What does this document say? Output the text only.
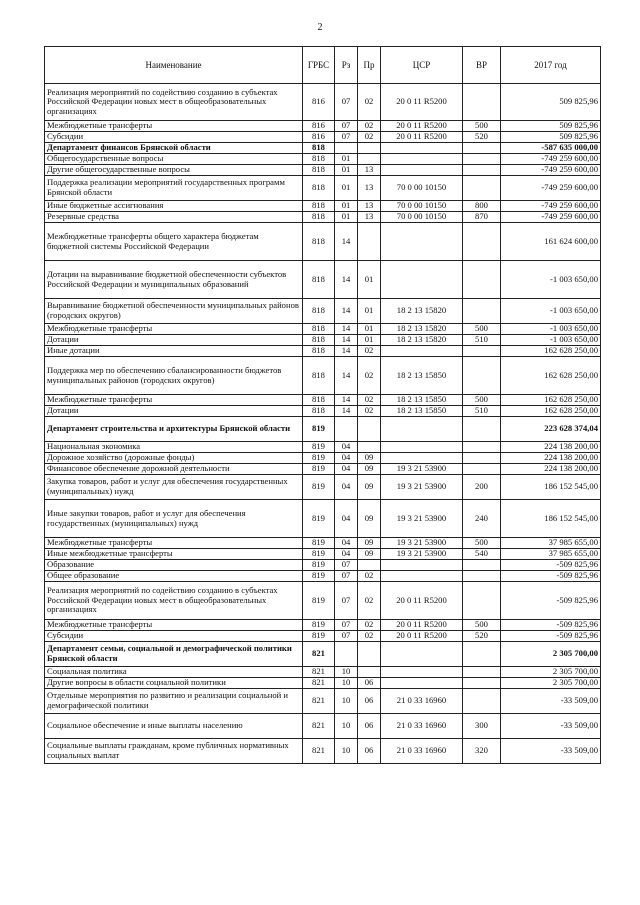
2
Наименование	ГРБС	Рз	Пр	ЦСР	ВР	2017 год
Реализация мероприятий по содействию созданию в субъектах Российской Федерации новых мест в общеобразовательных организациях	816	07	02	20 0 11 R5200		509 825,96
Межбюджетные трансферты	816	07	02	20 0 11 R5200	500	509 825,96
Субсидии	816	07	02	20 0 11 R5200	520	509 825,96
Департамент финансов Брянской области	818					-587 635 000,00
Общегосударственные вопросы	818	01				-749 259 600,00
Другие общегосударственные вопросы	818	01	13			-749 259 600,00
Поддержка реализации мероприятий государственных программ Брянской области	818	01	13	70 0 00 10150		-749 259 600,00
Иные бюджетные ассигнования	818	01	13	70 0 00 10150	800	-749 259 600,00
Резервные средства	818	01	13	70 0 00 10150	870	-749 259 600,00
Межбюджетные трансферты общего характера бюджетам бюджетной системы Российской Федерации	818	14				161 624 600,00
Дотации на выравнивание бюджетной обеспеченности субъектов Российской Федерации и муниципальных образований	818	14	01			-1 003 650,00
Выравнивание бюджетной обеспеченности муниципальных районов (городских округов)	818	14	01	18 2 13 15820		-1 003 650,00
Межбюджетные трансферты	818	14	01	18 2 13 15820	500	-1 003 650,00
Дотации	818	14	01	18 2 13 15820	510	-1 003 650,00
Иные дотации	818	14	02			162 628 250,00
Поддержка мер по обеспечению сбалансированности бюджетов муниципальных районов (городских округов)	818	14	02	18 2 13 15850		162 628 250,00
Межбюджетные трансферты	818	14	02	18 2 13 15850	500	162 628 250,00
Дотации	818	14	02	18 2 13 15850	510	162 628 250,00
Департамент строительства и архитектуры Брянской области	819					223 628 374,04
Национальная экономика	819	04				224 138 200,00
Дорожное хозяйство (дорожные фонды)	819	04	09			224 138 200,00
Финансовое обеспечение дорожной деятельности	819	04	09	19 3 21 53900		224 138 200,00
Закупка товаров, работ и услуг для обеспечения государственных (муниципальных) нужд	819	04	09	19 3 21 53900	200	186 152 545,00
Иные закупки товаров, работ и услуг для обеспечения государственных (муниципальных) нужд	819	04	09	19 3 21 53900	240	186 152 545,00
Межбюджетные трансферты	819	04	09	19 3 21 53900	500	37 985 655,00
Иные межбюджетные трансферты	819	04	09	19 3 21 53900	540	37 985 655,00
Образование	819	07				-509 825,96
Общее образование	819	07	02			-509 825,96
Реализация мероприятий по содействию созданию в субъектах Российской Федерации новых мест в общеобразовательных организациях	819	07	02	20 0 11 R5200		-509 825,96
Межбюджетные трансферты	819	07	02	20 0 11 R5200	500	-509 825,96
Субсидии	819	07	02	20 0 11 R5200	520	-509 825,96
Департамент семьи, социальной и демографической политики Брянской области	821					2 305 700,00
Социальная политика	821	10				2 305 700,00
Другие вопросы в области социальной политики	821	10	06			2 305 700,00
Отдельные мероприятия по развитию и реализации социальной и демографической политики	821	10	06	21 0 33 16960		-33 509,00
Социальное обеспечение и иные выплаты населению	821	10	06	21 0 33 16960	300	-33 509,00
Социальные выплаты гражданам, кроме публичных нормативных социальных выплат	821	10	06	21 0 33 16960	320	-33 509,00
